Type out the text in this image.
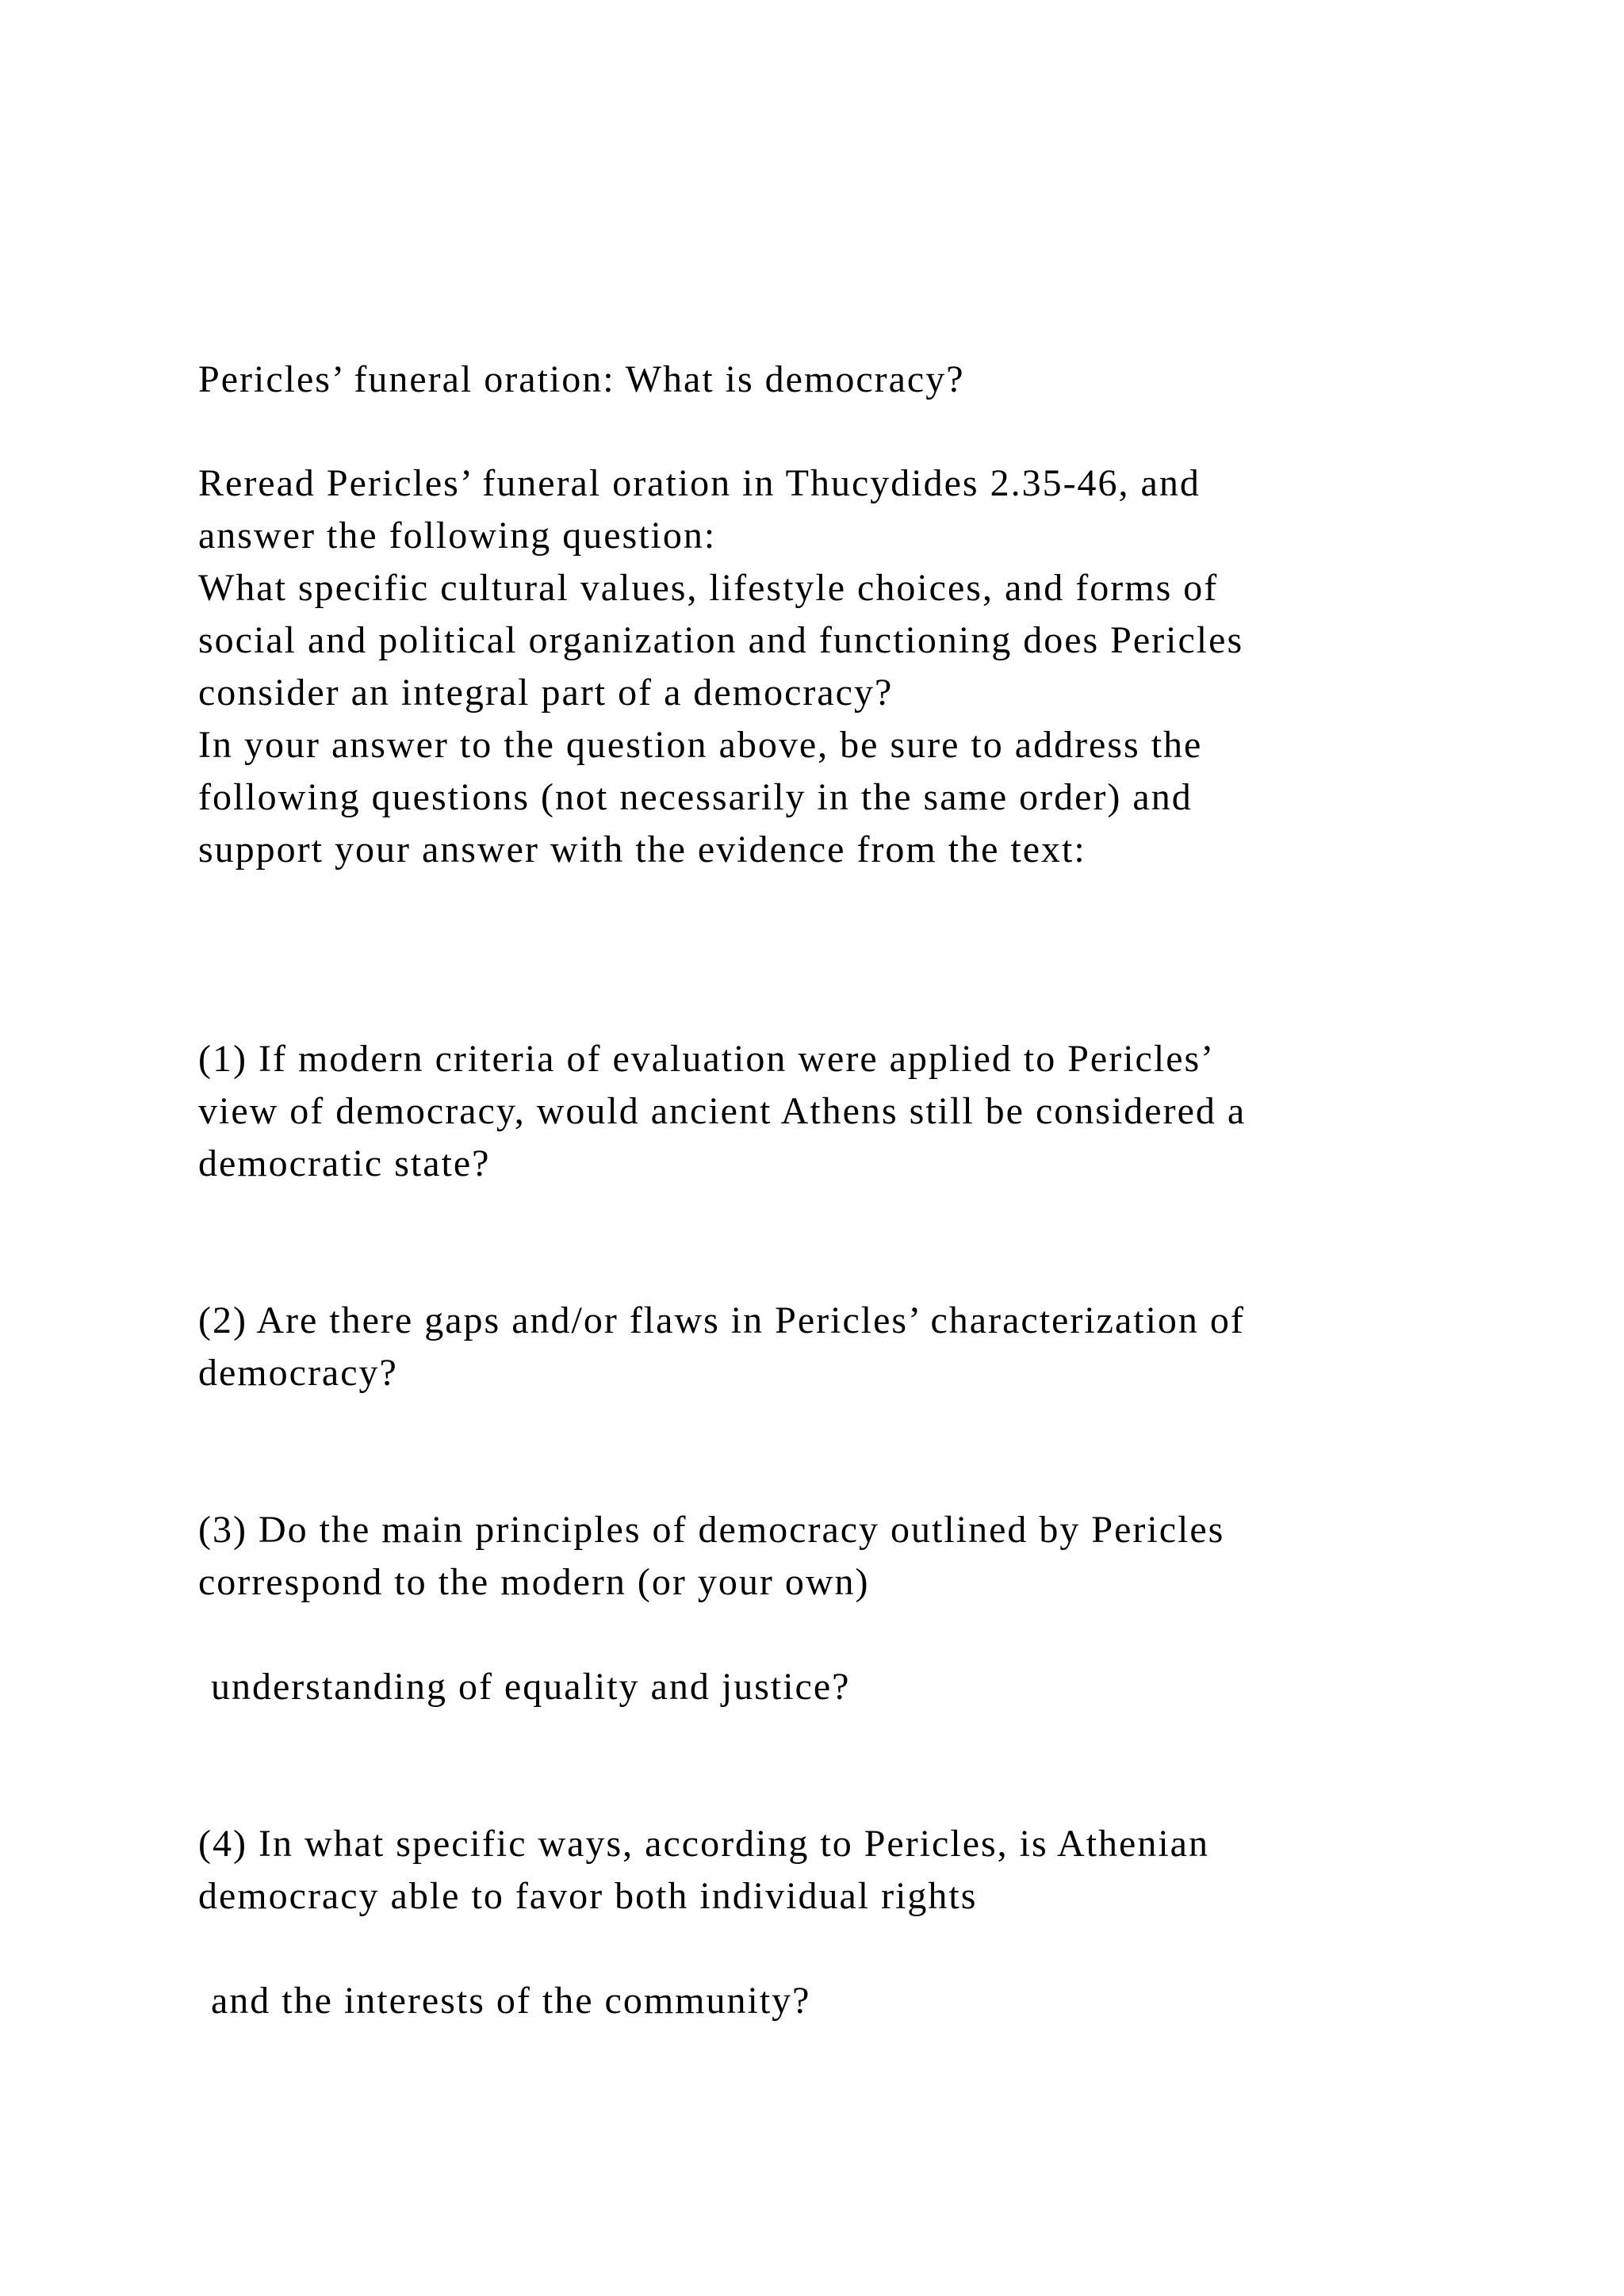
Pericles’ funeral oration: What is democracy?
Reread Pericles’ funeral oration in Thucydides 2.35-46, and
answer the following question:
What specific cultural values, lifestyle choices, and forms of
social and political organization and functioning does Pericles
consider an integral part of a democracy?
In your answer to the question above, be sure to address the
following questions (not necessarily in the same order) and
support your answer with the evidence from the text:
(1) If modern criteria of evaluation were applied to Pericles’
view of democracy, would ancient Athens still be considered a
democratic state?
(2) Are there gaps and/or flaws in Pericles’ characterization of
democracy?
(3) Do the main principles of democracy outlined by Pericles
correspond to the modern (or your own)
understanding of equality and justice?
(4) In what specific ways, according to Pericles, is Athenian
democracy able to favor both individual rights
and the interests of the community?
